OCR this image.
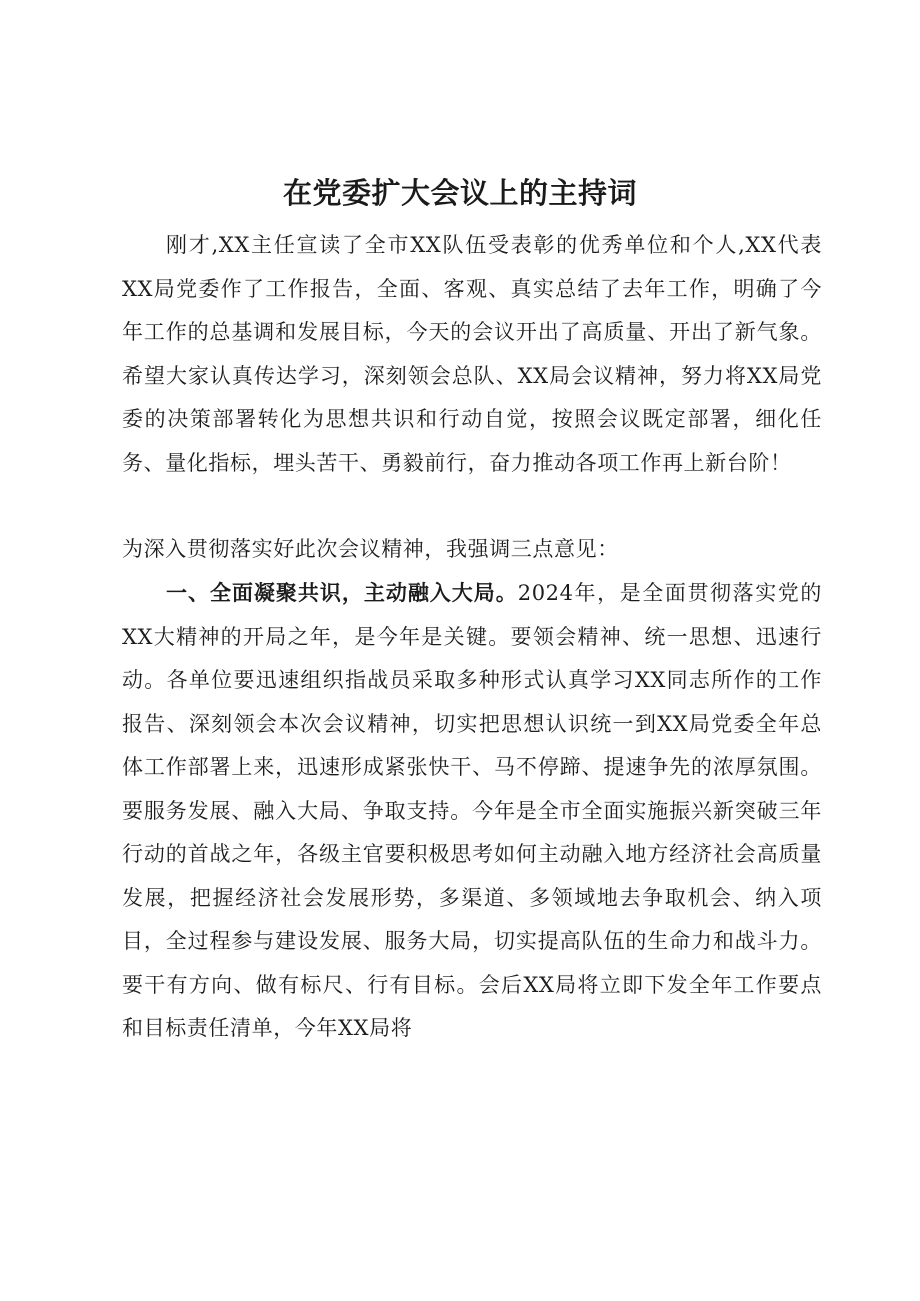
在党委扩大会议上的主持词
刚才,XX主任宣读了全市XX队伍受表彰的优秀单位和个人,XX代表XX局党委作了工作报告，全面、客观、真实总结了去年工作，明确了今年工作的总基调和发展目标，今天的会议开出了高质量、开出了新气象。希望大家认真传达学习，深刻领会总队、XX局会议精神，努力将XX局党委的决策部署转化为思想共识和行动自觉，按照会议既定部署，细化任务、量化指标，埋头苦干、勇毅前行，奋力推动各项工作再上新台阶！
为深入贯彻落实好此次会议精神，我强调三点意见：
一、全面凝聚共识，主动融入大局。2024年，是全面贯彻落实党的XX大精神的开局之年，是今年是关键。要领会精神、统一思想、迅速行动。各单位要迅速组织指战员采取多种形式认真学习XX同志所作的工作报告、深刻领会本次会议精神，切实把思想认识统一到XX局党委全年总体工作部署上来，迅速形成紧张快干、马不停蹄、提速争先的浓厚氛围。要服务发展、融入大局、争取支持。今年是全市全面实施振兴新突破三年行动的首战之年，各级主官要积极思考如何主动融入地方经济社会高质量发展，把握经济社会发展形势，多渠道、多领域地去争取机会、纳入项目，全过程参与建设发展、服务大局，切实提高队伍的生命力和战斗力。要干有方向、做有标尺、行有目标。会后XX局将立即下发全年工作要点和目标责任清单，今年XX局将
